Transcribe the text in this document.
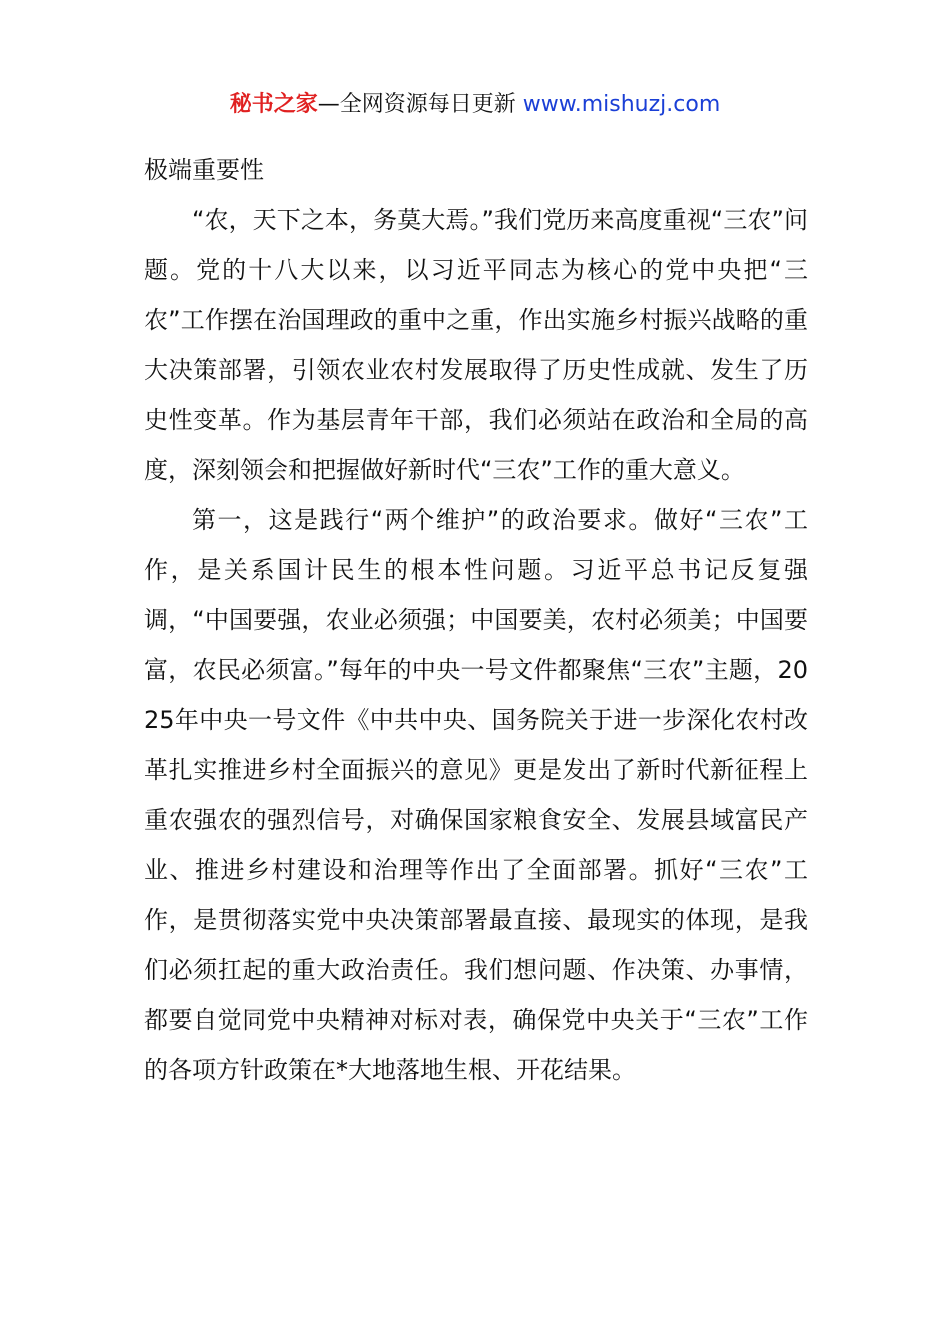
秘书之家—全网资源每日更新 www.mishuzj.com

极端重要性

“农，天下之本，务莫大焉。”我们党历来高度重视“三农”问题。党的十八大以来，以习近平同志为核心的党中央把“三农”工作摆在治国理政的重中之重，作出实施乡村振兴战略的重大决策部署，引领农业农村发展取得了历史性成就、发生了历史性变革。作为基层青年干部，我们必须站在政治和全局的高度，深刻领会和把握做好新时代“三农”工作的重大意义。

第一，这是践行“两个维护”的政治要求。做好“三农”工作，是关系国计民生的根本性问题。习近平总书记反复强调，“中国要强，农业必须强；中国要美，农村必须美；中国要富，农民必须富。”每年的中央一号文件都聚焦“三农”主题，2025年中央一号文件《中共中央、国务院关于进一步深化农村改革扎实推进乡村全面振兴的意见》更是发出了新时代新征程上重农强农的强烈信号，对确保国家粮食安全、发展县域富民产业、推进乡村建设和治理等作出了全面部署。抓好“三农”工作，是贯彻落实党中央决策部署最直接、最现实的体现，是我们必须扛起的重大政治责任。我们想问题、作决策、办事情，都要自觉同党中央精神对标对表，确保党中央关于“三农”工作的各项方针政策在*大地落地生根、开花结果。
